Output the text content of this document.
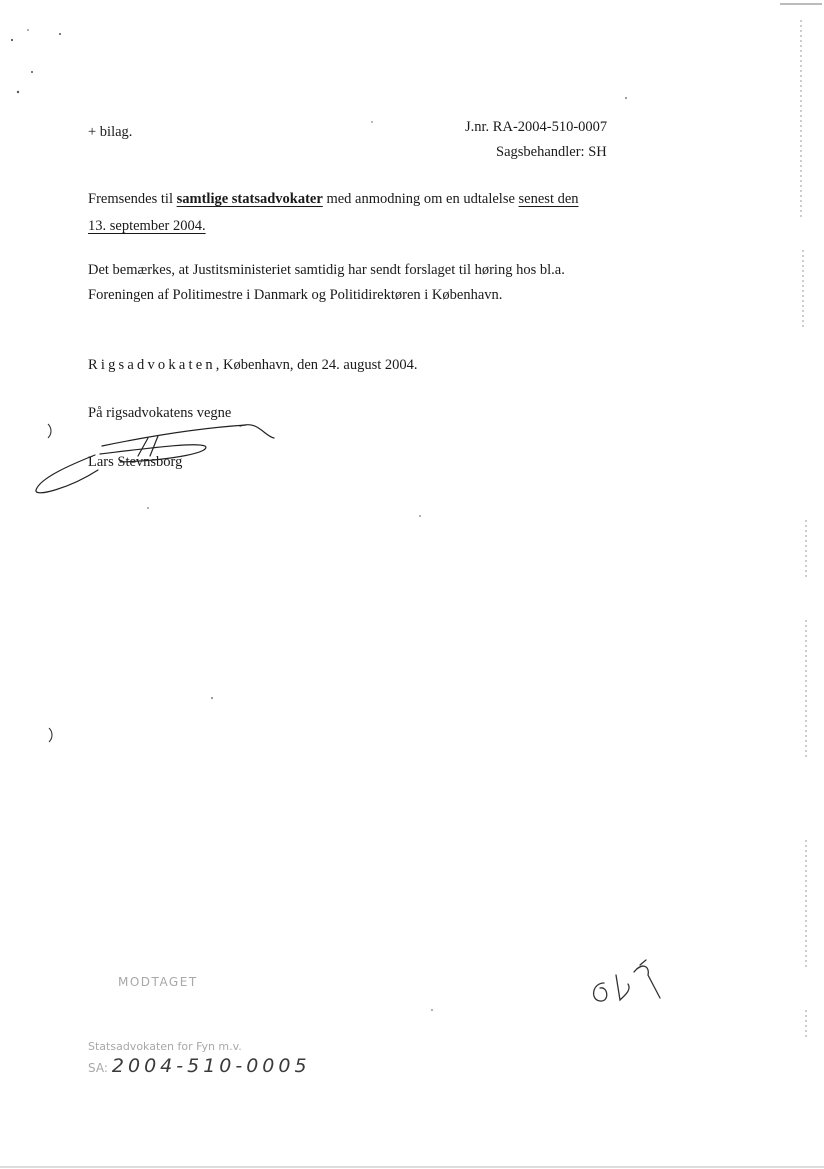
+ bilag.	J.nr. RA-2004-510-0007
Sagsbehandler: SH
Fremsendes til samtlige statsadvokater med anmodning om en udtalelse senest den
13. september 2004.
Det bemærkes, at Justitsministeriet samtidig har sendt forslaget til høring hos bl.a.
Foreningen af Politimestre i Danmark og Politidirektøren i København.
Rigsadvokaten, København, den 24. august 2004.
På rigsadvokatens vegne
Lars Stevnsborg
MODTAGET
Statsadvokaten for Fyn m.v.
SA: 2004-510-0005
